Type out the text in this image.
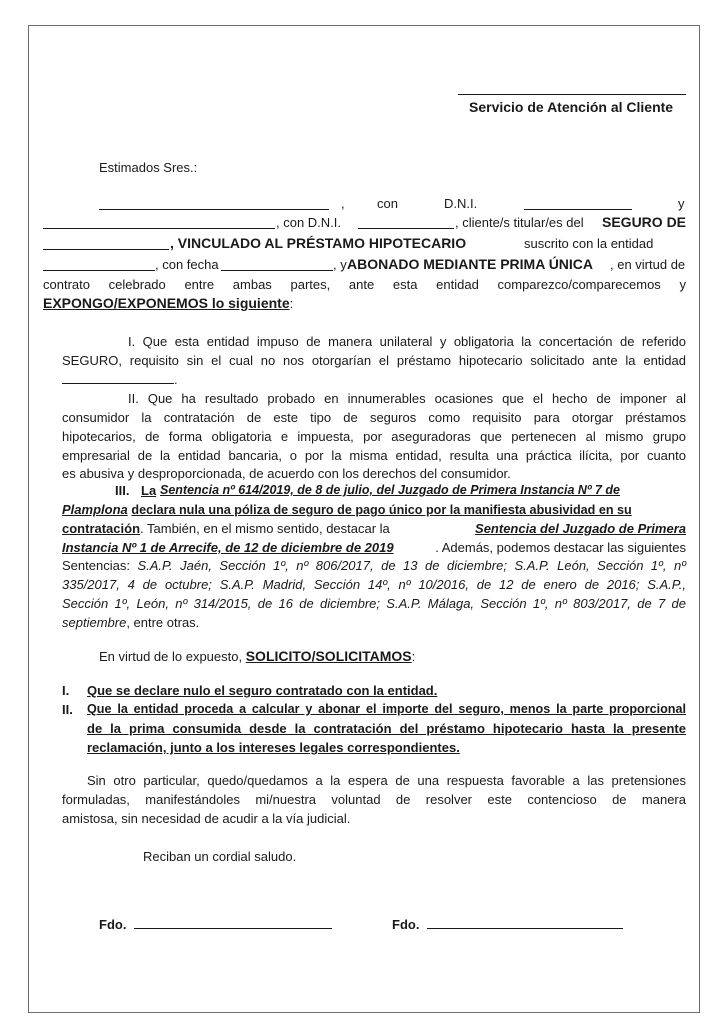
Servicio de Atención al Cliente
Estimados Sres.:
, con	D.N.I.	y
, con D.N.I.	, cliente/s titular/es del SEGURO DE
, VINCULADO AL PRÉSTAMO HIPOTECARIO	suscrito con la entidad
, con fecha	, y ABONADO MEDIANTE PRIMA ÚNICA , en virtud de
contrato celebrado entre ambas partes, ante esta entidad comparezco/comparecemos y
EXPONGO/EXPONEMOS lo siguiente:
I. Que esta entidad impuso de manera unilateral y obligatoria la concertación de referido
SEGURO, requisito sin el cual no nos otorgarían el préstamo hipotecario solicitado ante la entidad
.
II. Que ha resultado probado en innumerables ocasiones que el hecho de imponer al
consumidor la contratación de este tipo de seguros como requisito para otorgar préstamos
hipotecarios, de forma obligatoria e impuesta, por aseguradoras que pertenecen al mismo grupo
empresarial de la entidad bancaria, o por la misma entidad, resulta una práctica ilícita, por cuanto
es abusiva y desproporcionada, de acuerdo con los derechos del consumidor.
III. La Sentencia nº 614/2019, de 8 de julio, del Juzgado de Primera Instancia Nº 7 de
Plamplona declara nula una póliza de seguro de pago único por la manifiesta abusividad en su
contratación. También, en el mismo sentido, destacar la	Sentencia del Juzgado de Primera
Instancia Nº 1 de Arrecife, de 12 de diciembre de 2019	. Además, podemos destacar las siguientes
Sentencias: S.A.P. Jaén, Sección 1º, nº 806/2017, de 13 de diciembre; S.A.P. León, Sección 1º, nº
335/2017, 4 de octubre; S.A.P. Madrid, Sección 14º, nº 10/2016, de 12 de enero de 2016; S.A.P.,
Sección 1º, León, nº 314/2015, de 16 de diciembre; S.A.P. Málaga, Sección 1º, nº 803/2017, de 7 de
septiembre, entre otras.
En virtud de lo expuesto, SOLICITO/SOLICITAMOS:
I. Que se declare nulo el seguro contratado con la entidad.
II. Que la entidad proceda a calcular y abonar el importe del seguro, menos la parte proporcional
de la prima consumida desde la contratación del préstamo hipotecario hasta la presente
reclamación, junto a los intereses legales correspondientes.
Sin otro particular, quedo/quedamos a la espera de una respuesta favorable a las pretensiones
formuladas, manifestándoles mi/nuestra voluntad de resolver este contencioso de manera
amistosa, sin necesidad de acudir a la vía judicial.
Reciban un cordial saludo.
Fdo.	Fdo.
